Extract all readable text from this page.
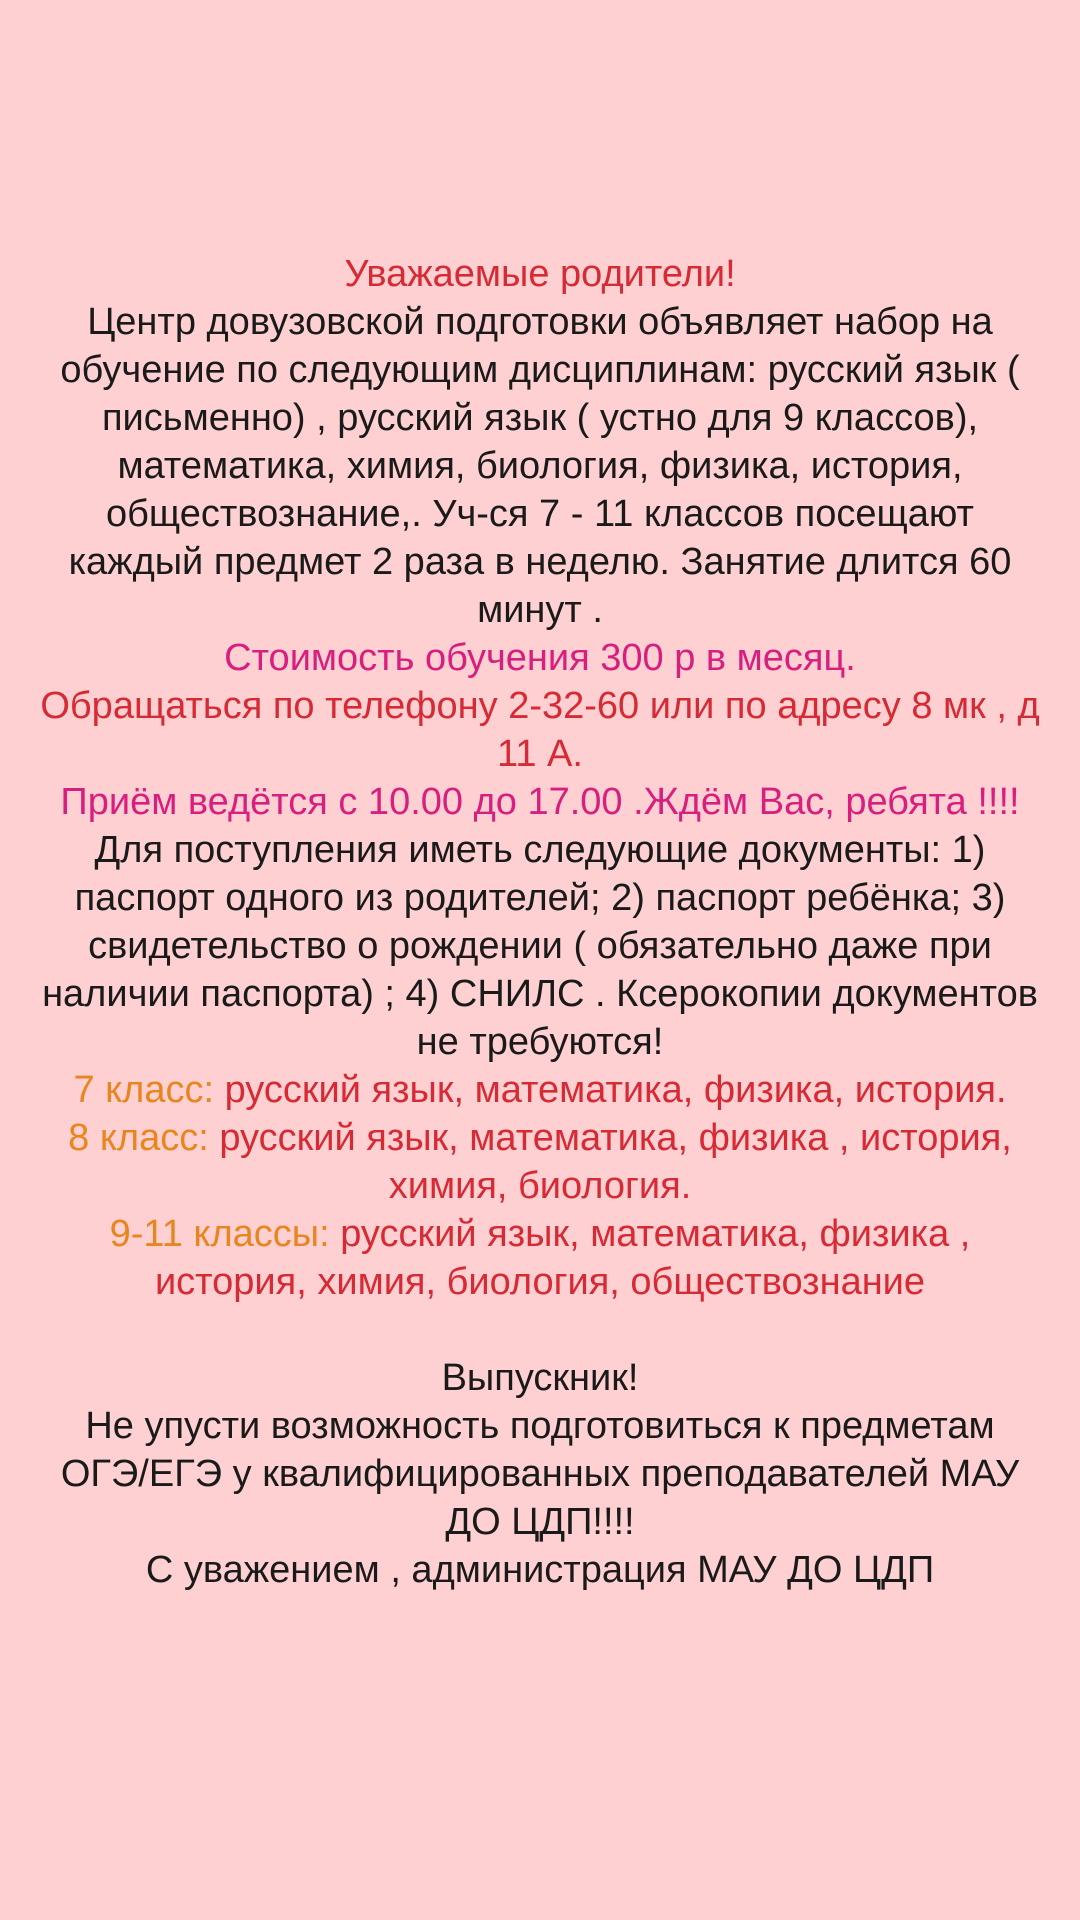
Уважаемые родители!

Центр довузовской подготовки объявляет набор на обучение по следующим дисциплинам: русский язык ( письменно) , русский язык ( устно для 9 классов), математика, химия, биология, физика, история, обществознание,. Уч-ся 7 - 11 классов посещают каждый предмет 2 раза в неделю. Занятие длится 60 минут .

Стоимость обучения 300 р в месяц.

Обращаться по телефону 2-32-60 или по адресу 8 мк , д 11 А.

Приём ведётся с 10.00 до 17.00 .Ждём Вас, ребята !!!!

Для поступления иметь следующие документы: 1) паспорт одного из родителей; 2) паспорт ребёнка; 3) свидетельство о рождении ( обязательно даже при наличии паспорта) ; 4) СНИЛС . Ксерокопии документов не требуются!

7 класс: русский язык, математика, физика, история.

8 класс: русский язык, математика, физика , история, химия, биология.

9-11 классы: русский язык, математика, физика , история, химия, биология, обществознание

Выпускник!

Не упусти возможность подготовиться к предметам ОГЭ/ЕГЭ у квалифицированных преподавателей МАУ ДО ЦДП!!!!

С уважением , администрация МАУ ДО ЦДП
